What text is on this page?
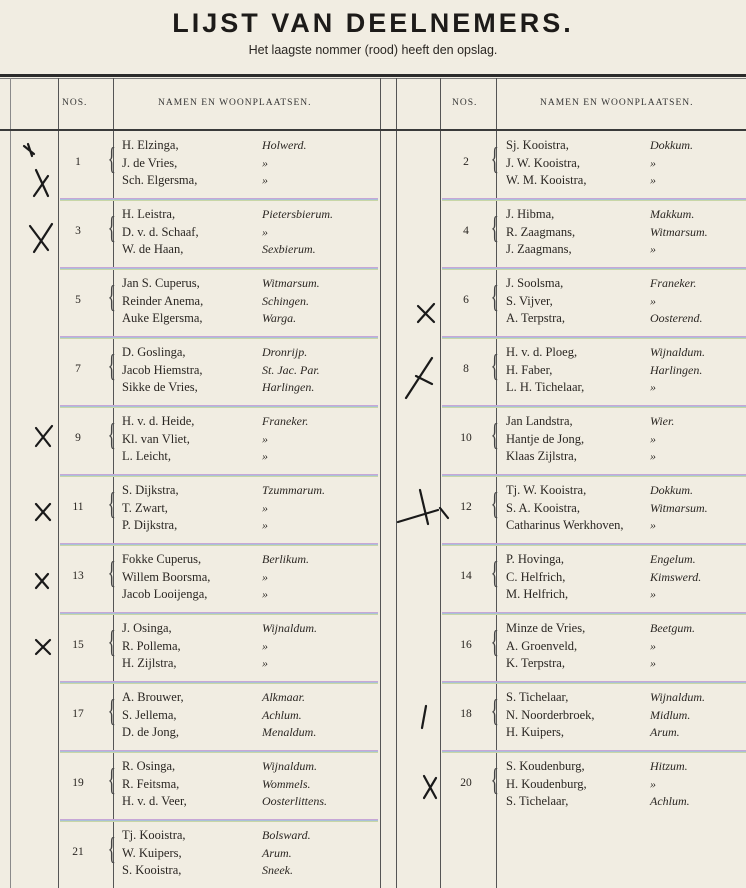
LIJST VAN DEELNEMERS.
Het laagste nommer (rood) heeft den opslag.
NOS.	NAMEN EN WOONPLAATSEN.	NOS.	NAMEN EN WOONPLAATSEN.
1 { H. Elzinga,	Holwerd.
J. de Vries,	»
Sch. Elgersma,	»
3 { H. Leistra,	Pietersbierum.
D. v. d. Schaaf,	»
W. de Haan,	Sexbierum.
5 { Jan S. Cuperus,	Witmarsum.
Reinder Anema,	Schingen.
Auke Elgersma,	Warga.
7 { D. Goslinga,	Dronrijp.
Jacob Hiemstra,	St. Jac. Par.
Sikke de Vries,	Harlingen.
9 { H. v. d. Heide,	Franeker.
Kl. van Vliet,	»
L. Leicht,	»
11 { S. Dijkstra,	Tzummarum.
T. Zwart,	»
P. Dijkstra,	»
13 { Fokke Cuperus,	Berlikum.
Willem Boorsma,	»
Jacob Looijenga,	»
15 { J. Osinga,	Wijnaldum.
R. Pollema,	»
H. Zijlstra,	»
17 { A. Brouwer,	Alkmaar.
S. Jellema,	Achlum.
D. de Jong,	Menaldum.
19 { R. Osinga,	Wijnaldum.
R. Feitsma,	Wommels.
H. v. d. Veer,	Oosterlittens.
21 { Tj. Kooistra,	Bolsward.
W. Kuipers,	Arum.
S. Kooistra,	Sneek.
2 { Sj. Kooistra,	Dokkum.
J. W. Kooistra,	»
W. M. Kooistra,	»
4 { J. Hibma,	Makkum.
R. Zaagmans,	Witmarsum.
J. Zaagmans,	»
6 { J. Soolsma,	Franeker.
S. Vijver,	»
A. Terpstra,	Oosterend.
8 { H. v. d. Ploeg,	Wijnaldum.
H. Faber,	Harlingen.
L. H. Tichelaar,	»
10 { Jan Landstra,	Wier.
Hantje de Jong,	»
Klaas Zijlstra,	»
12 { Tj. W. Kooistra,	Dokkum.
S. A. Kooistra,	Witmarsum.
Catharinus Werkhoven, »
14 { P. Hovinga,	Engelum.
C. Helfrich,	Kimswerd.
M. Helfrich,	»
16 { Minze de Vries,	Beetgum.
A. Groenveld,	»
K. Terpstra,	»
18 { S. Tichelaar,	Wijnaldum.
N. Noorderbroek,	Midlum.
H. Kuipers,	Arum.
20 { S. Koudenburg,	Hitzum.
H. Koudenburg,	»
S. Tichelaar,	Achlum.
